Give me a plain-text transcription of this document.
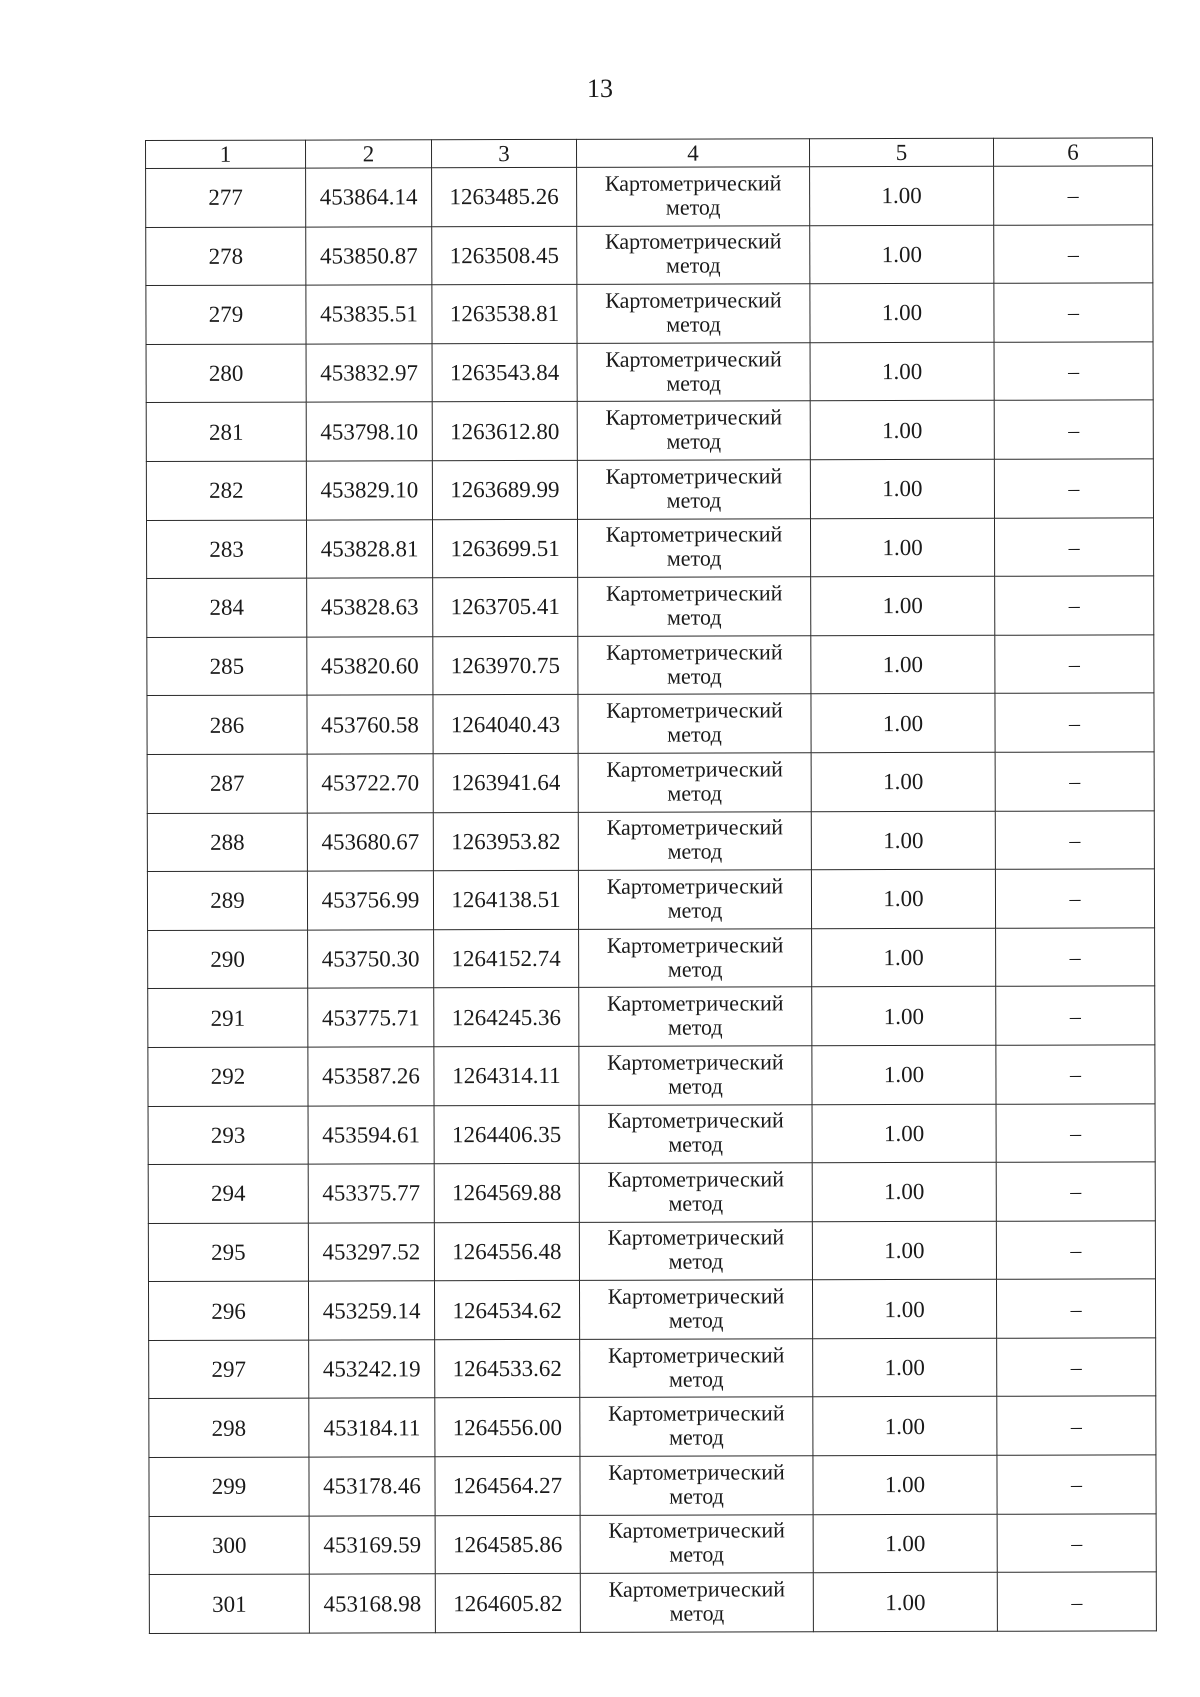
13
1	2	3	4	5	6
277	453864.14	1263485.26	Картометрический метод	1.00	–
278	453850.87	1263508.45	Картометрический метод	1.00	–
279	453835.51	1263538.81	Картометрический метод	1.00	–
280	453832.97	1263543.84	Картометрический метод	1.00	–
281	453798.10	1263612.80	Картометрический метод	1.00	–
282	453829.10	1263689.99	Картометрический метод	1.00	–
283	453828.81	1263699.51	Картометрический метод	1.00	–
284	453828.63	1263705.41	Картометрический метод	1.00	–
285	453820.60	1263970.75	Картометрический метод	1.00	–
286	453760.58	1264040.43	Картометрический метод	1.00	–
287	453722.70	1263941.64	Картометрический метод	1.00	–
288	453680.67	1263953.82	Картометрический метод	1.00	–
289	453756.99	1264138.51	Картометрический метод	1.00	–
290	453750.30	1264152.74	Картометрический метод	1.00	–
291	453775.71	1264245.36	Картометрический метод	1.00	–
292	453587.26	1264314.11	Картометрический метод	1.00	–
293	453594.61	1264406.35	Картометрический метод	1.00	–
294	453375.77	1264569.88	Картометрический метод	1.00	–
295	453297.52	1264556.48	Картометрический метод	1.00	–
296	453259.14	1264534.62	Картометрический метод	1.00	–
297	453242.19	1264533.62	Картометрический метод	1.00	–
298	453184.11	1264556.00	Картометрический метод	1.00	–
299	453178.46	1264564.27	Картометрический метод	1.00	–
300	453169.59	1264585.86	Картометрический метод	1.00	–
301	453168.98	1264605.82	Картометрический метод	1.00	–
